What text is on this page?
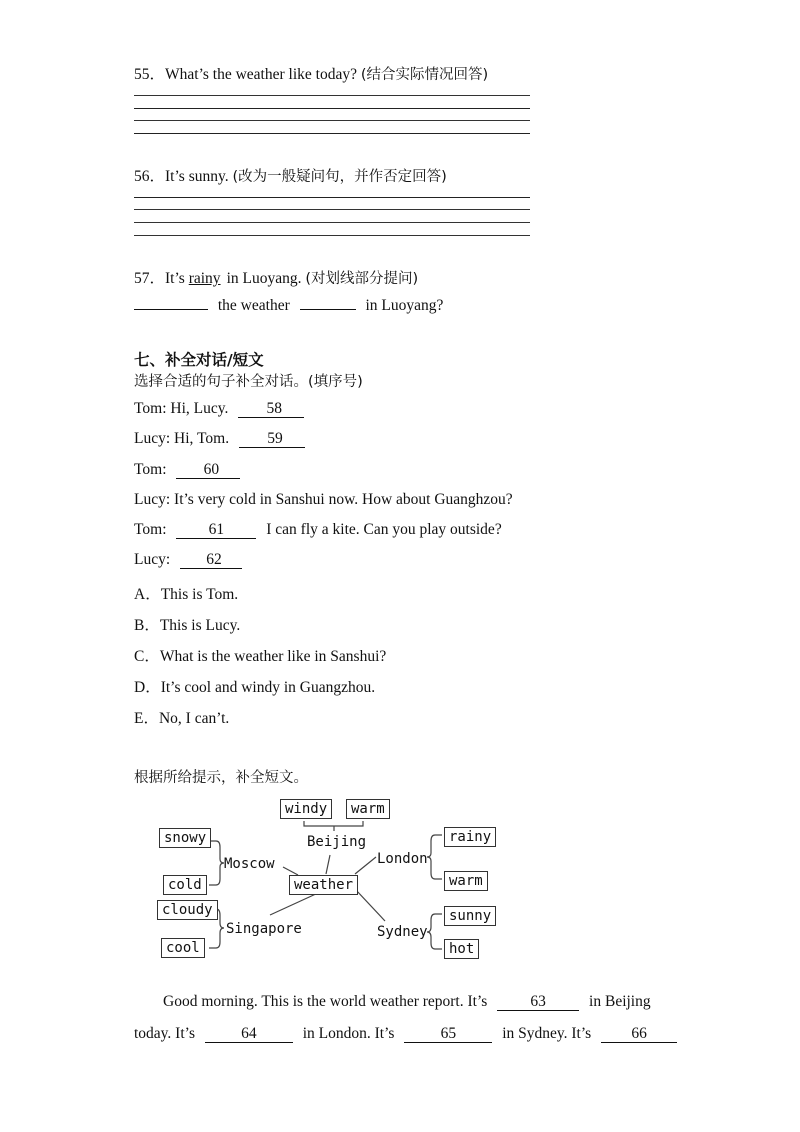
55．What’s the weather like today? (结合实际情况回答)
56．It’s sunny. (改为一般疑问句，并作否定回答)
57．It’s rainy in Luoyang. (对划线部分提问)
the weather	in Luoyang?
七、补全对话/短文
选择合适的句子补全对话。(填序号)
Tom: Hi, Lucy. 58
Lucy: Hi, Tom. 59
Tom: 60
Lucy: It’s very cold in Sanshui now. How about Guanghzou?
Tom:	61	I can fly a kite. Can you play outside?
Lucy: 62
A．This is Tom.
B．This is Lucy.
C．What is the weather like in Sanshui?
D．It’s cool and windy in Guangzhou.
E．No, I can’t.
根据所给提示，补全短文。
windy	warm
Beijing
snowy
cold
Moscow
weather
London
rainy
warm
cloudy
cool
Singapore	Sydney
sunny
hot
Good morning. This is the world weather report. It’s	63	in Beijing
today. It’s	64	in London. It’s	65	in Sydney. It’s	66
